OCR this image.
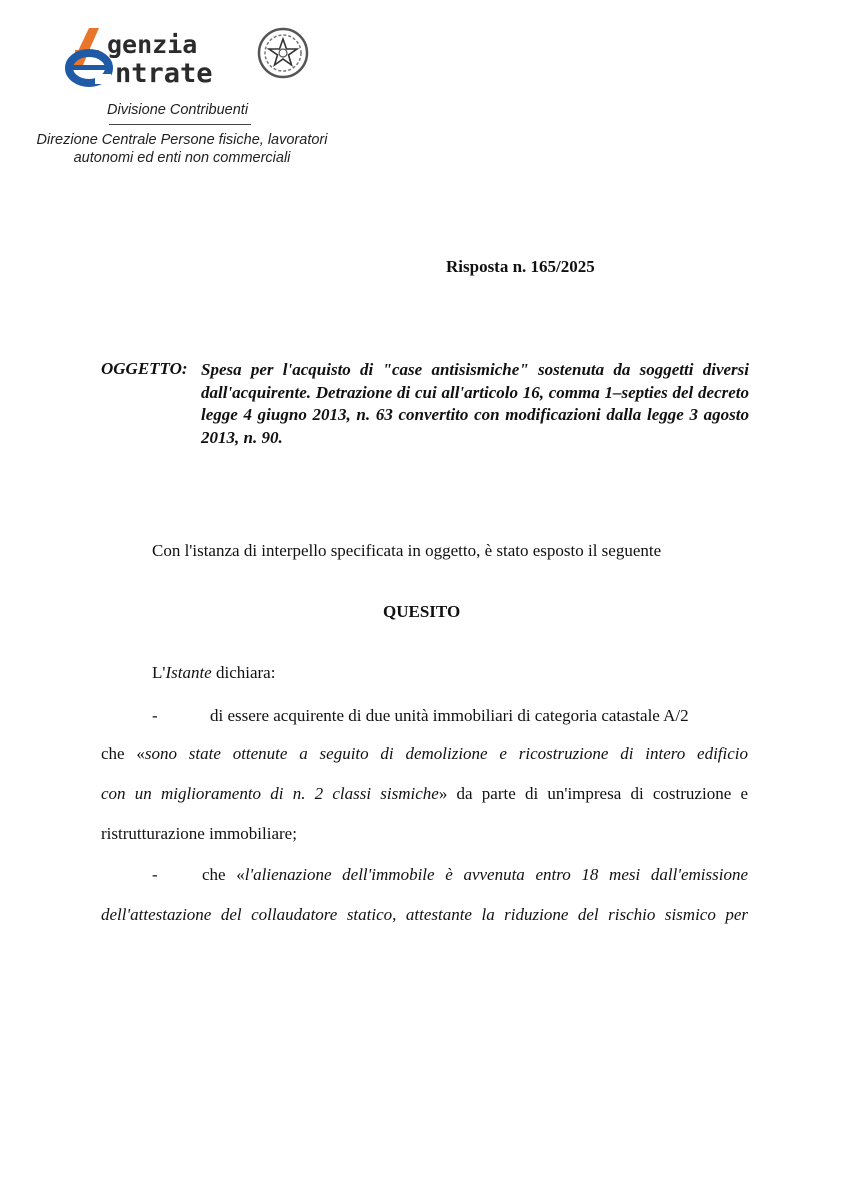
genzia
ntrate
Divisione Contribuenti
Direzione Centrale Persone fisiche, lavoratori
autonomi ed enti non commerciali
Risposta n. 165/2025
OGGETTO: Spesa per l'acquisto di "case antisismiche" sostenuta da soggetti diversi dall'acquirente. Detrazione di cui all'articolo 16, comma 1–septies del decreto legge 4 giugno 2013, n. 63 convertito con modificazioni dalla legge 3 agosto 2013, n. 90.
Con l'istanza di interpello specificata in oggetto, è stato esposto il seguente
QUESITO
L'Istante dichiara:
-	di essere acquirente di due unità immobiliari di categoria catastale A/2
che «sono state ottenute a seguito di demolizione e ricostruzione di intero edificio
con un miglioramento di n. 2 classi sismiche» da parte di un'impresa di costruzione e
ristrutturazione immobiliare;
-	che «l'alienazione dell'immobile è avvenuta entro 18 mesi dall'emissione
dell'attestazione del collaudatore statico, attestante la riduzione del rischio sismico per
